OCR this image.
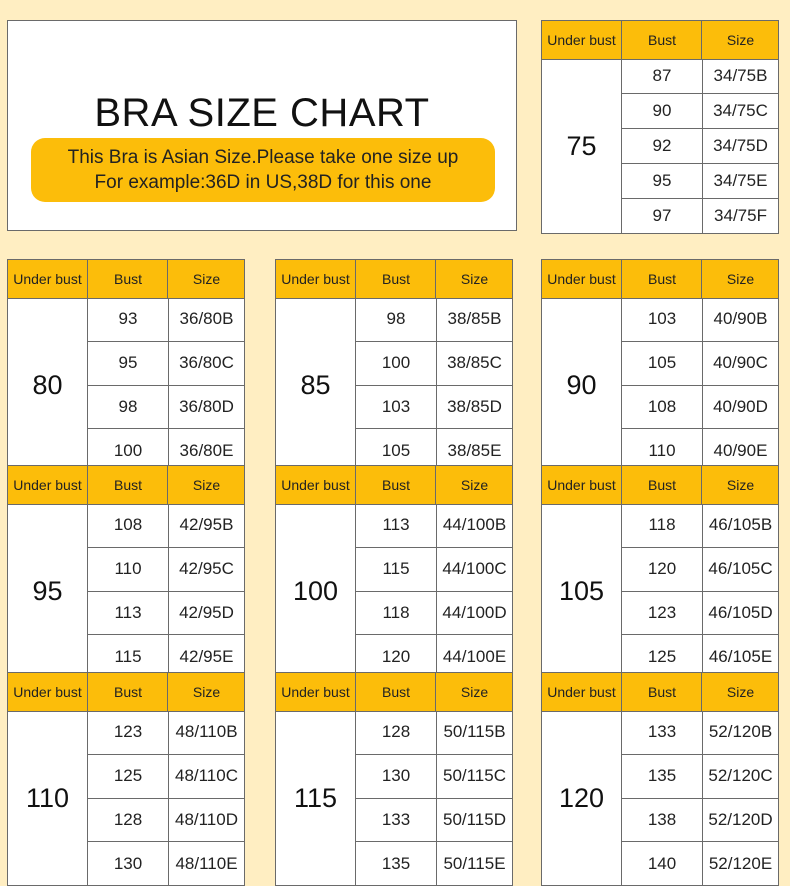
BRA SIZE CHART
This Bra is Asian Size.Please take one size up
For example:36D in US,38D for this one
Under bust	Bust	Size
75
87	34/75B
90	34/75C
92	34/75D
95	34/75E
97	34/75F
Under bust	Bust	Size
80
93	36/80B
95	36/80C
98	36/80D
100	36/80E
Under bust	Bust	Size
85
98	38/85B
100	38/85C
103	38/85D
105	38/85E
Under bust	Bust	Size
90
103	40/90B
105	40/90C
108	40/90D
110	40/90E
Under bust	Bust	Size
95
108	42/95B
110	42/95C
113	42/95D
115	42/95E
Under bust	Bust	Size
100
113	44/100B
115	44/100C
118	44/100D
120	44/100E
Under bust	Bust	Size
105
118	46/105B
120	46/105C
123	46/105D
125	46/105E
Under bust	Bust	Size
110
123	48/110B
125	48/110C
128	48/110D
130	48/110E
Under bust	Bust	Size
115
128	50/115B
130	50/115C
133	50/115D
135	50/115E
Under bust	Bust	Size
120
133	52/120B
135	52/120C
138	52/120D
140	52/120E
